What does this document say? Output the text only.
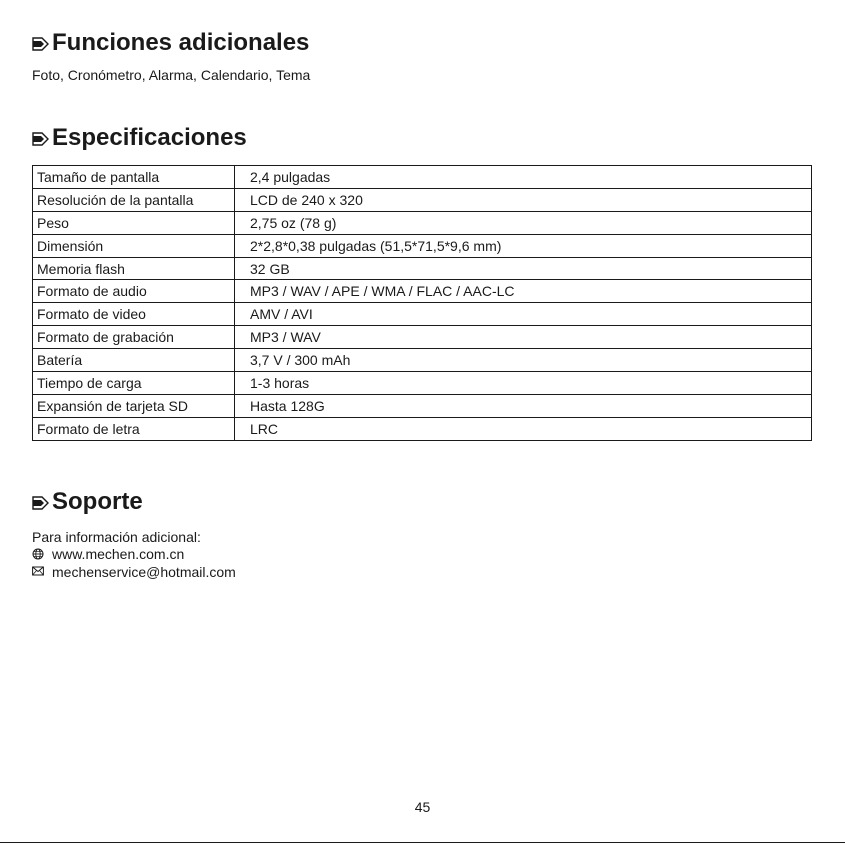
Funciones adicionales
Foto, Cronómetro, Alarma, Calendario, Tema
Especificaciones
Tamaño de pantalla	2,4 pulgadas
Resolución de la pantalla	LCD de 240 x 320
Peso	2,75 oz (78 g)
Dimensión	2*2,8*0,38 pulgadas (51,5*71,5*9,6 mm)
Memoria flash	32 GB
Formato de audio	MP3 / WAV / APE / WMA / FLAC / AAC-LC
Formato de video	AMV / AVI
Formato de grabación	MP3 / WAV
Batería	3,7 V / 300 mAh
Tiempo de carga	1-3 horas
Expansión de tarjeta SD	Hasta 128G
Formato de letra	LRC
Soporte
Para información adicional:
www.mechen.com.cn
mechenservice@hotmail.com
45
